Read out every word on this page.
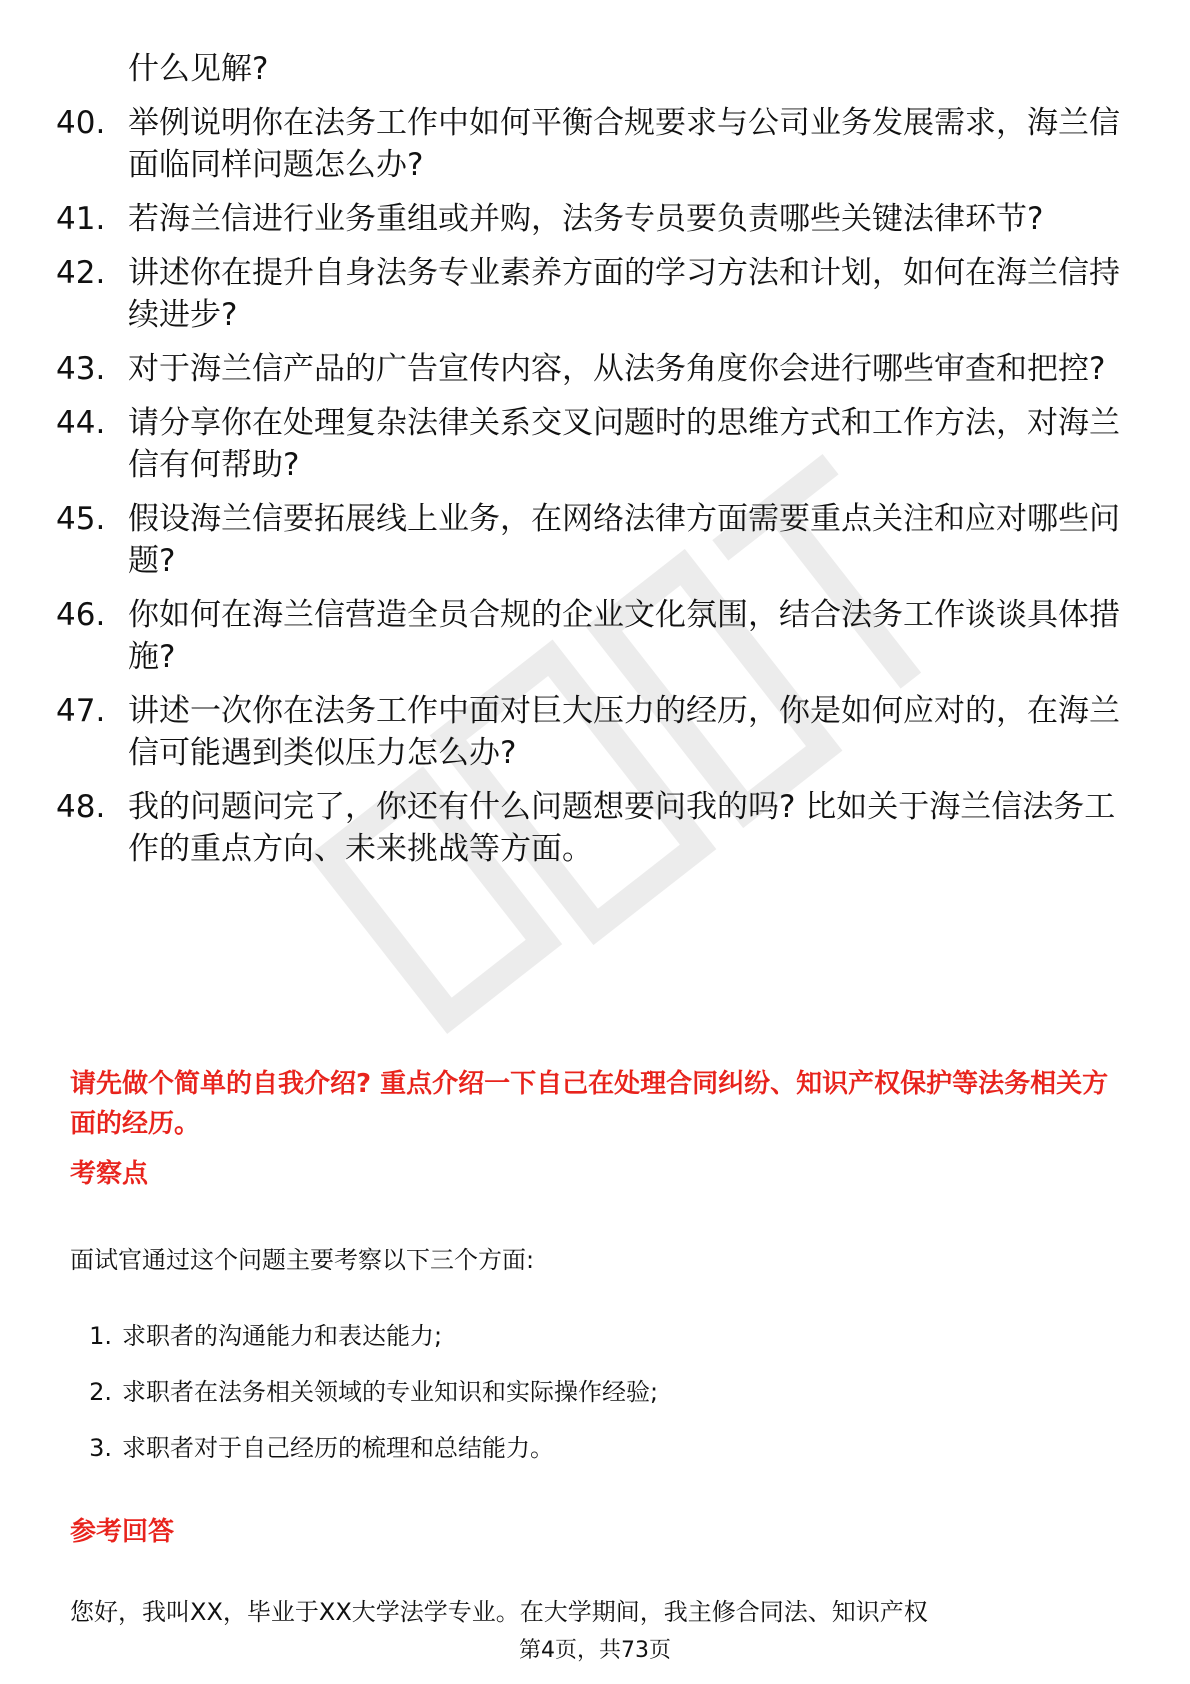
什么见解?
40. 举例说明你在法务工作中如何平衡合规要求与公司业务发展需求，海兰信面临同样问题怎么办?
41. 若海兰信进行业务重组或并购，法务专员要负责哪些关键法律环节?
42. 讲述你在提升自身法务专业素养方面的学习方法和计划，如何在海兰信持续进步?
43. 对于海兰信产品的广告宣传内容，从法务角度你会进行哪些审查和把控?
44. 请分享你在处理复杂法律关系交叉问题时的思维方式和工作方法，对海兰信有何帮助?
45. 假设海兰信要拓展线上业务，在网络法律方面需要重点关注和应对哪些问题?
46. 你如何在海兰信营造全员合规的企业文化氛围，结合法务工作谈谈具体措施?
47. 讲述一次你在法务工作中面对巨大压力的经历，你是如何应对的，在海兰信可能遇到类似压力怎么办?
48. 我的问题问完了，你还有什么问题想要问我的吗? 比如关于海兰信法务工作的重点方向、未来挑战等方面。
请先做个简单的自我介绍? 重点介绍一下自己在处理合同纠纷、知识产权保护等法务相关方面的经历。
考察点
面试官通过这个问题主要考察以下三个方面:
1. 求职者的沟通能力和表达能力;
2. 求职者在法务相关领域的专业知识和实际操作经验;
3. 求职者对于自己经历的梳理和总结能力。
参考回答
您好，我叫XX，毕业于XX大学法学专业。在大学期间，我主修合同法、知识产权
第4页，共73页
